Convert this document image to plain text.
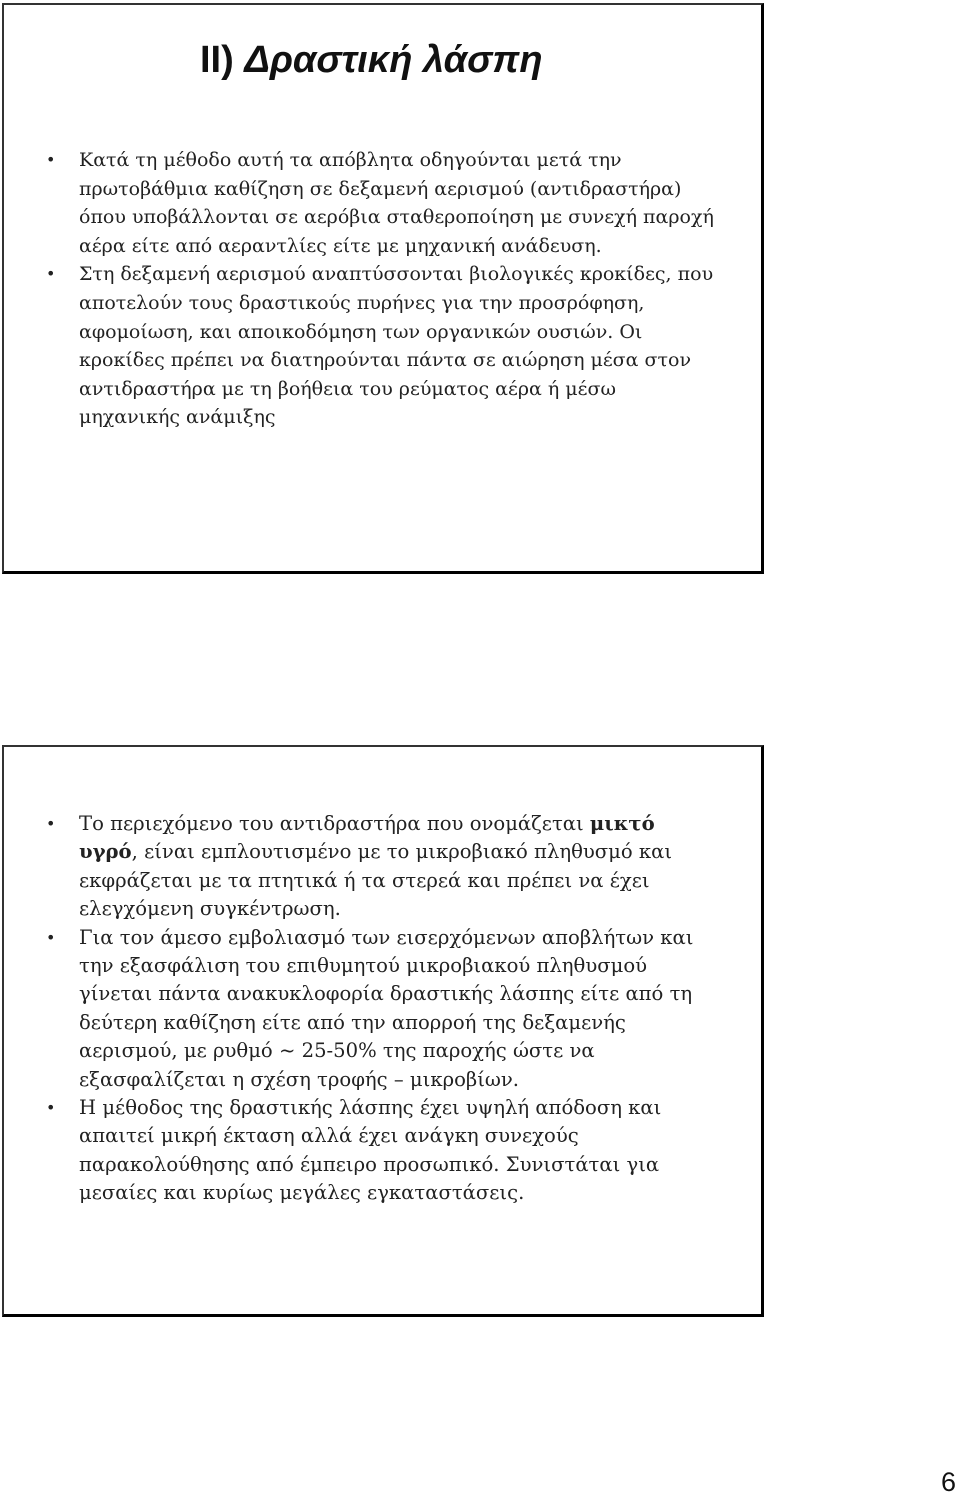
II) Δραστική λάσπη
• Κατά τη μέθοδο αυτή τα απόβλητα οδηγούνται μετά την πρωτοβάθμια καθίζηση σε δεξαμενή αερισμού (αντιδραστήρα) όπου υποβάλλονται σε αερόβια σταθεροποίηση με συνεχή παροχή αέρα είτε από αεραντλίες είτε με μηχανική ανάδευση.
• Στη δεξαμενή αερισμού αναπτύσσονται βιολογικές κροκίδες, που αποτελούν τους δραστικούς πυρήνες για την προσρόφηση, αφομοίωση, και αποικοδόμηση των οργανικών ουσιών. Οι κροκίδες πρέπει να διατηρούνται πάντα σε αιώρηση μέσα στον αντιδραστήρα με τη βοήθεια του ρεύματος αέρα ή μέσω μηχανικής ανάμιξης
• Το περιεχόμενο του αντιδραστήρα που ονομάζεται μικτό υγρό, είναι εμπλουτισμένο με το μικροβιακό πληθυσμό και εκφράζεται με τα πτητικά ή τα στερεά και πρέπει να έχει ελεγχόμενη συγκέντρωση.
• Για τον άμεσο εμβολιασμό των εισερχόμενων αποβλήτων και την εξασφάλιση του επιθυμητού μικροβιακού πληθυσμού γίνεται πάντα ανακυκλοφορία δραστικής λάσπης είτε από τη δεύτερη καθίζηση είτε από την απορροή της δεξαμενής αερισμού, με ρυθμό ~ 25-50% της παροχής ώστε να εξασφαλίζεται η σχέση τροφής – μικροβίων.
• Η μέθοδος της δραστικής λάσπης έχει υψηλή απόδοση και απαιτεί μικρή έκταση αλλά έχει ανάγκη συνεχούς παρακολούθησης από έμπειρο προσωπικό. Συνιστάται για μεσαίες και κυρίως μεγάλες εγκαταστάσεις.
6
